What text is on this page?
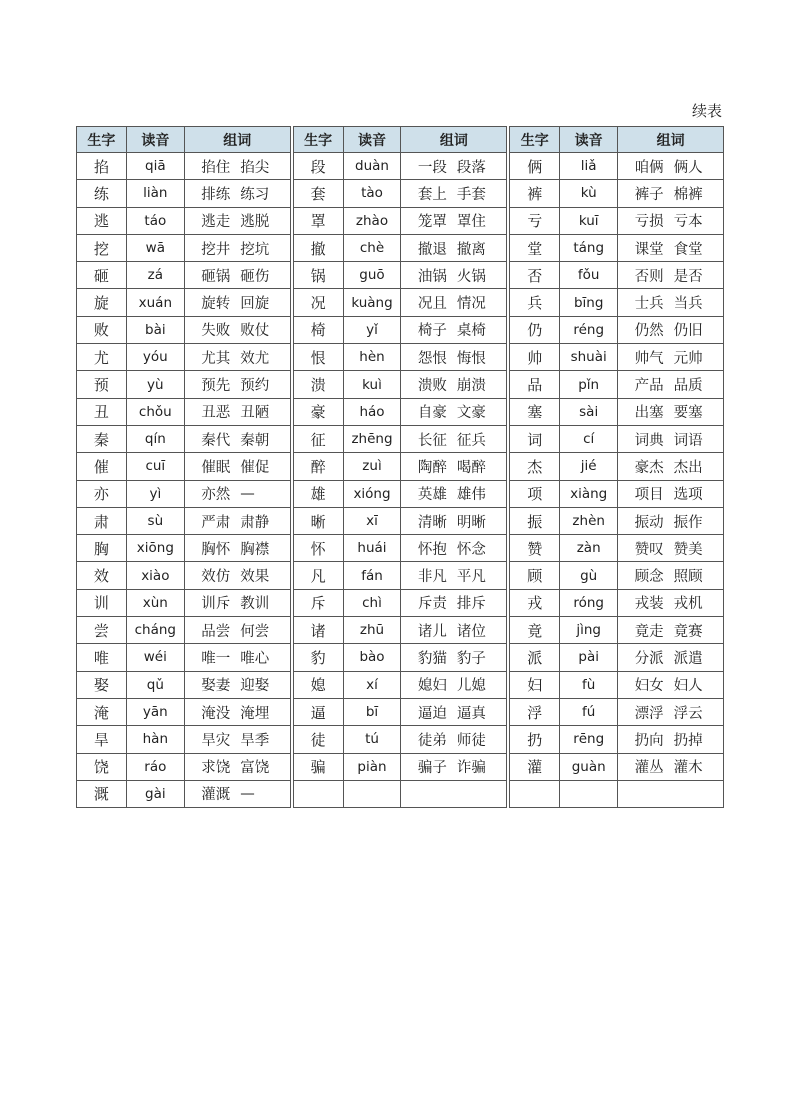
续表
生字	读音	组词	
掐	qiā	掐住	掐尖
练	liàn	排练	练习
逃	táo	逃走	逃脱
挖	wā	挖井	挖坑
砸	zá	砸锅	砸伤
旋	xuán	旋转	回旋
败	bài	失败	败仗
尤	yóu	尤其	效尤
预	yù	预先	预约
丑	chǒu	丑恶	丑陋
秦	qín	秦代	秦朝
催	cuī	催眠	催促
亦	yì	亦然	—
肃	sù	严肃	肃静
胸	xiōng	胸怀	胸襟
效	xiào	效仿	效果
训	xùn	训斥	教训
尝	cháng	品尝	何尝
唯	wéi	唯一	唯心
娶	qǔ	娶妻	迎娶
淹	yān	淹没	淹埋
旱	hàn	旱灾	旱季
饶	ráo	求饶	富饶
溉	gài	灌溉	—
生字	读音	组词	
段	duàn	一段	段落
套	tào	套上	手套
罩	zhào	笼罩	罩住
撤	chè	撤退	撤离
锅	guō	油锅	火锅
况	kuàng	况且	情况
椅	yǐ	椅子	桌椅
恨	hèn	怨恨	悔恨
溃	kuì	溃败	崩溃
豪	háo	自豪	文豪
征	zhēng	长征	征兵
醉	zuì	陶醉	喝醉
雄	xióng	英雄	雄伟
晰	xī	清晰	明晰
怀	huái	怀抱	怀念
凡	fán	非凡	平凡
斥	chì	斥责	排斥
诸	zhū	诸儿	诸位
豹	bào	豹猫	豹子
媳	xí	媳妇	儿媳
逼	bī	逼迫	逼真
徒	tú	徒弟	师徒
骗	piàn	骗子	诈骗

生字	读音	组词	
俩	liǎ	咱俩	俩人
裤	kù	裤子	棉裤
亏	kuī	亏损	亏本
堂	táng	课堂	食堂
否	fǒu	否则	是否
兵	bīng	士兵	当兵
仍	réng	仍然	仍旧
帅	shuài	帅气	元帅
品	pǐn	产品	品质
塞	sài	出塞	要塞
词	cí	词典	词语
杰	jié	豪杰	杰出
项	xiàng	项目	选项
振	zhèn	振动	振作
赞	zàn	赞叹	赞美
顾	gù	顾念	照顾
戎	róng	戎装	戎机
竟	jìng	竟走	竟赛
派	pài	分派	派遣
妇	fù	妇女	妇人
浮	fú	漂浮	浮云
扔	rēng	扔向	扔掉
灌	guàn	灌丛	灌木
